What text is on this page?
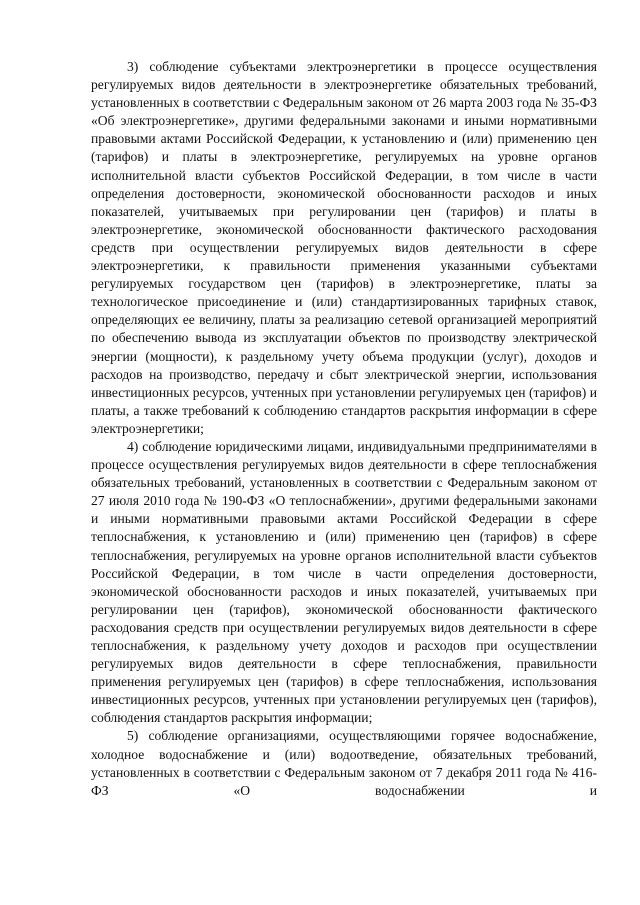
3) соблюдение субъектами электроэнергетики в процессе осуществления регулируемых видов деятельности в электроэнергетике обязательных требований, установленных в соответствии с Федеральным законом от 26 марта 2003 года № 35-ФЗ «Об электроэнергетике», другими федеральными законами и иными нормативными правовыми актами Российской Федерации, к установлению и (или) применению цен (тарифов) и платы в электроэнергетике, регулируемых на уровне органов исполнительной власти субъектов Российской Федерации, в том числе в части определения достоверности, экономической обоснованности расходов и иных показателей, учитываемых при регулировании цен (тарифов) и платы в электроэнергетике, экономической обоснованности фактического расходования средств при осуществлении регулируемых видов деятельности в сфере электроэнергетики, к правильности применения указанными субъектами регулируемых государством цен (тарифов) в электроэнергетике, платы за технологическое присоединение и (или) стандартизированных тарифных ставок, определяющих ее величину, платы за реализацию сетевой организацией мероприятий по обеспечению вывода из эксплуатации объектов по производству электрической энергии (мощности), к раздельному учету объема продукции (услуг), доходов и расходов на производство, передачу и сбыт электрической энергии, использования инвестиционных ресурсов, учтенных при установлении регулируемых цен (тарифов) и платы, а также требований к соблюдению стандартов раскрытия информации в сфере электроэнергетики;

4) соблюдение юридическими лицами, индивидуальными предпринимателями в процессе осуществления регулируемых видов деятельности в сфере теплоснабжения обязательных требований, установленных в соответствии с Федеральным законом от 27 июля 2010 года № 190-ФЗ «О теплоснабжении», другими федеральными законами и иными нормативными правовыми актами Российской Федерации в сфере теплоснабжения, к установлению и (или) применению цен (тарифов) в сфере теплоснабжения, регулируемых на уровне органов исполнительной власти субъектов Российской Федерации, в том числе в части определения достоверности, экономической обоснованности расходов и иных показателей, учитываемых при регулировании цен (тарифов), экономической обоснованности фактического расходования средств при осуществлении регулируемых видов деятельности в сфере теплоснабжения, к раздельному учету доходов и расходов при осуществлении регулируемых видов деятельности в сфере теплоснабжения, правильности применения регулируемых цен (тарифов) в сфере теплоснабжения, использования инвестиционных ресурсов, учтенных при установлении регулируемых цен (тарифов), соблюдения стандартов раскрытия информации;

5) соблюдение организациями, осуществляющими горячее водоснабжение, холодное водоснабжение и (или) водоотведение, обязательных требований, установленных в соответствии с Федеральным законом от 7 декабря 2011 года № 416-ФЗ «О водоснабжении и
